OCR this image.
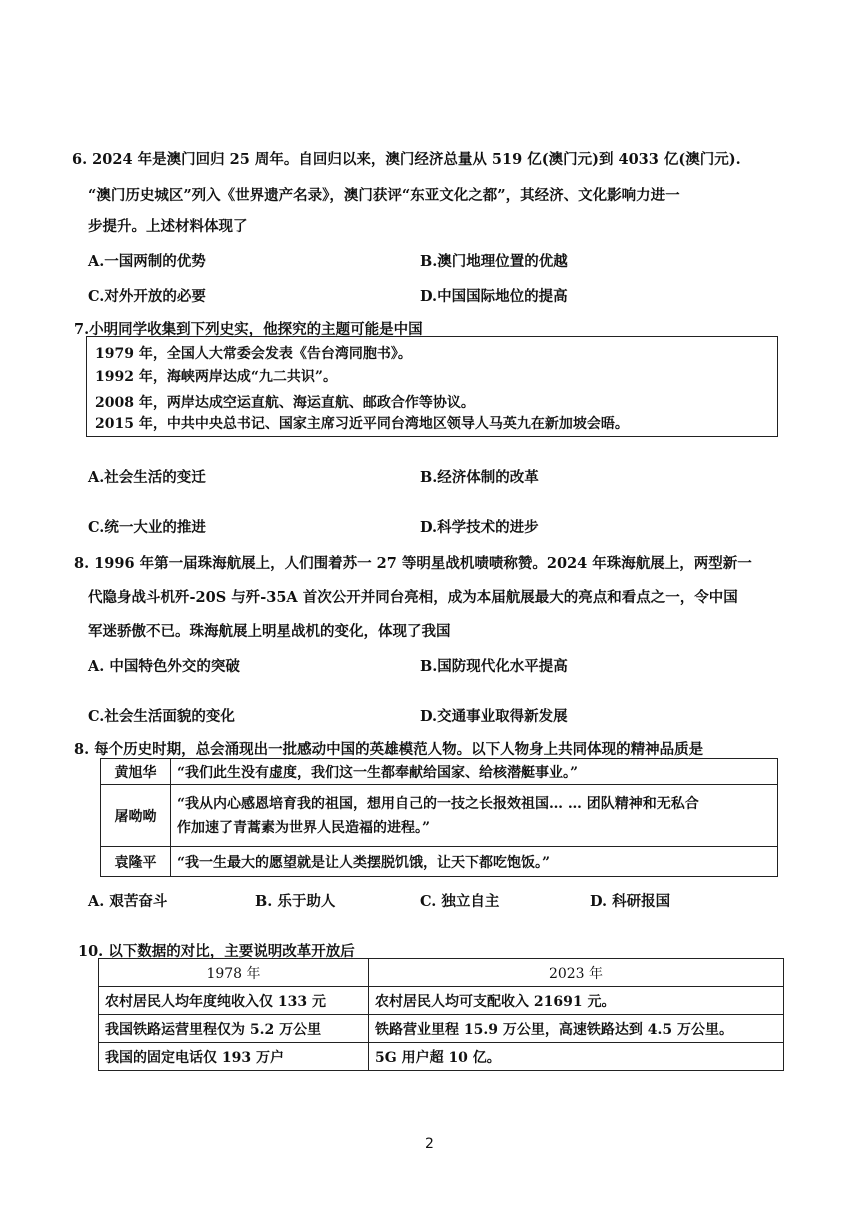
6. 2024 年是澳门回归 25 周年。自回归以来，澳门经济总量从 519 亿(澳门元)到 4033 亿(澳门元).
“澳门历史城区”列入《世界遗产名录》，澳门获评“东亚文化之都”，其经济、文化影响力进一
步提升。上述材料体现了
A.一国两制的优势	B.澳门地理位置的优越
C.对外开放的必要	D.中国国际地位的提高
7.小明同学收集到下列史实，他探究的主题可能是中国
1979 年，全国人大常委会发表《告台湾同胞书》。
1992 年，海峡两岸达成“九二共识”。
2008 年，两岸达成空运直航、海运直航、邮政合作等协议。
2015 年，中共中央总书记、国家主席习近平同台湾地区领导人马英九在新加坡会晤。
A.社会生活的变迁	B.经济体制的改革
C.统一大业的推进	D.科学技术的进步
8. 1996 年第一届珠海航展上，人们围着苏一 27 等明星战机啧啧称赞。2024 年珠海航展上，两型新一
代隐身战斗机歼-20S 与歼-35A 首次公开并同台亮相，成为本届航展最大的亮点和看点之一，令中国
军迷骄傲不已。珠海航展上明星战机的变化，体现了我国
A. 中国特色外交的突破	B.国防现代化水平提高
C.社会生活面貌的变化	D.交通事业取得新发展
8. 每个历史时期，总会涌现出一批感动中国的英雄模范人物。以下人物身上共同体现的精神品质是
黄旭华	“我们此生没有虚度，我们这一生都奉献给国家、给核潜艇事业。”
屠呦呦	“我从内心感恩培育我的祖国，想用自己的一技之长报效祖国… … 团队精神和无私合
作加速了青蒿素为世界人民造福的进程。”
袁隆平	“我一生最大的愿望就是让人类摆脱饥饿，让天下都吃饱饭。”
A. 艰苦奋斗	B. 乐于助人	C. 独立自主	D. 科研报国
10. 以下数据的对比，主要说明改革开放后
1978 年	2023 年
农村居民人均年度纯收入仅 133 元	农村居民人均可支配收入 21691 元。
我国铁路运营里程仅为 5.2 万公里	铁路营业里程 15.9 万公里，高速铁路达到 4.5 万公里。
我国的固定电话仅 193 万户	5G 用户超 10 亿。
2
